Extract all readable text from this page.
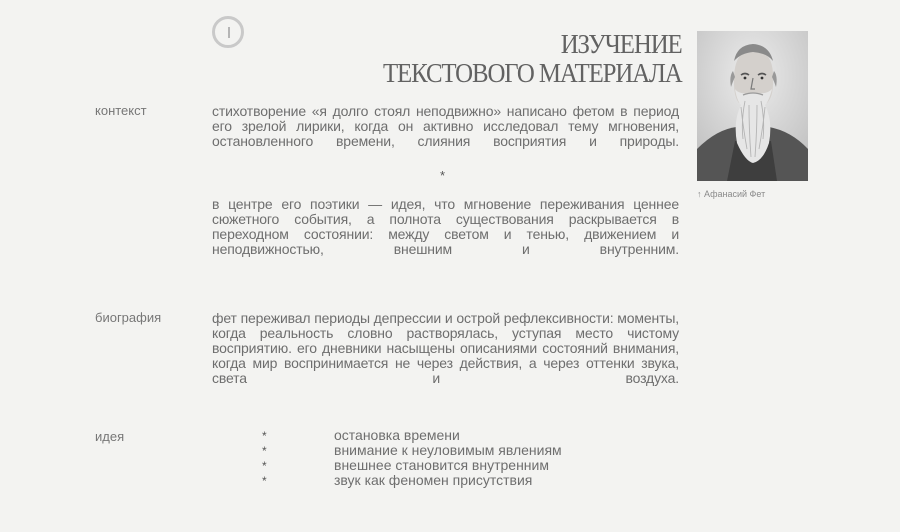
ИЗУЧЕНИЕ
ТЕКСТОВОГО МАТЕРИАЛА
↑ Афанасий Фет
контекст	стихотворение «я долго стоял неподвижно» написано фетом в период его зрелой лирики, когда он активно исследовал тему мгновения, остановленного времени, слияния восприятия и природы.

*

в центре его поэтики — идея, что мгновение переживания ценнее сюжетного события, а полнота существования раскрывается в переходном состоянии: между светом и тенью, движением и неподвижностью, внешним и внутренним.

биография	фет переживал периоды депрессии и острой рефлексивности: моменты, когда реальность словно растворялась, уступая место чистому восприятию. его дневники насыщены описаниями состояний внимания, когда мир воспринимается не через действия, а через оттенки звука, света и воздуха.

идея	*	остановка времени
*	внимание к неуловимым явлениям
*	внешнее становится внутренним
*	звук как феномен присутствия
